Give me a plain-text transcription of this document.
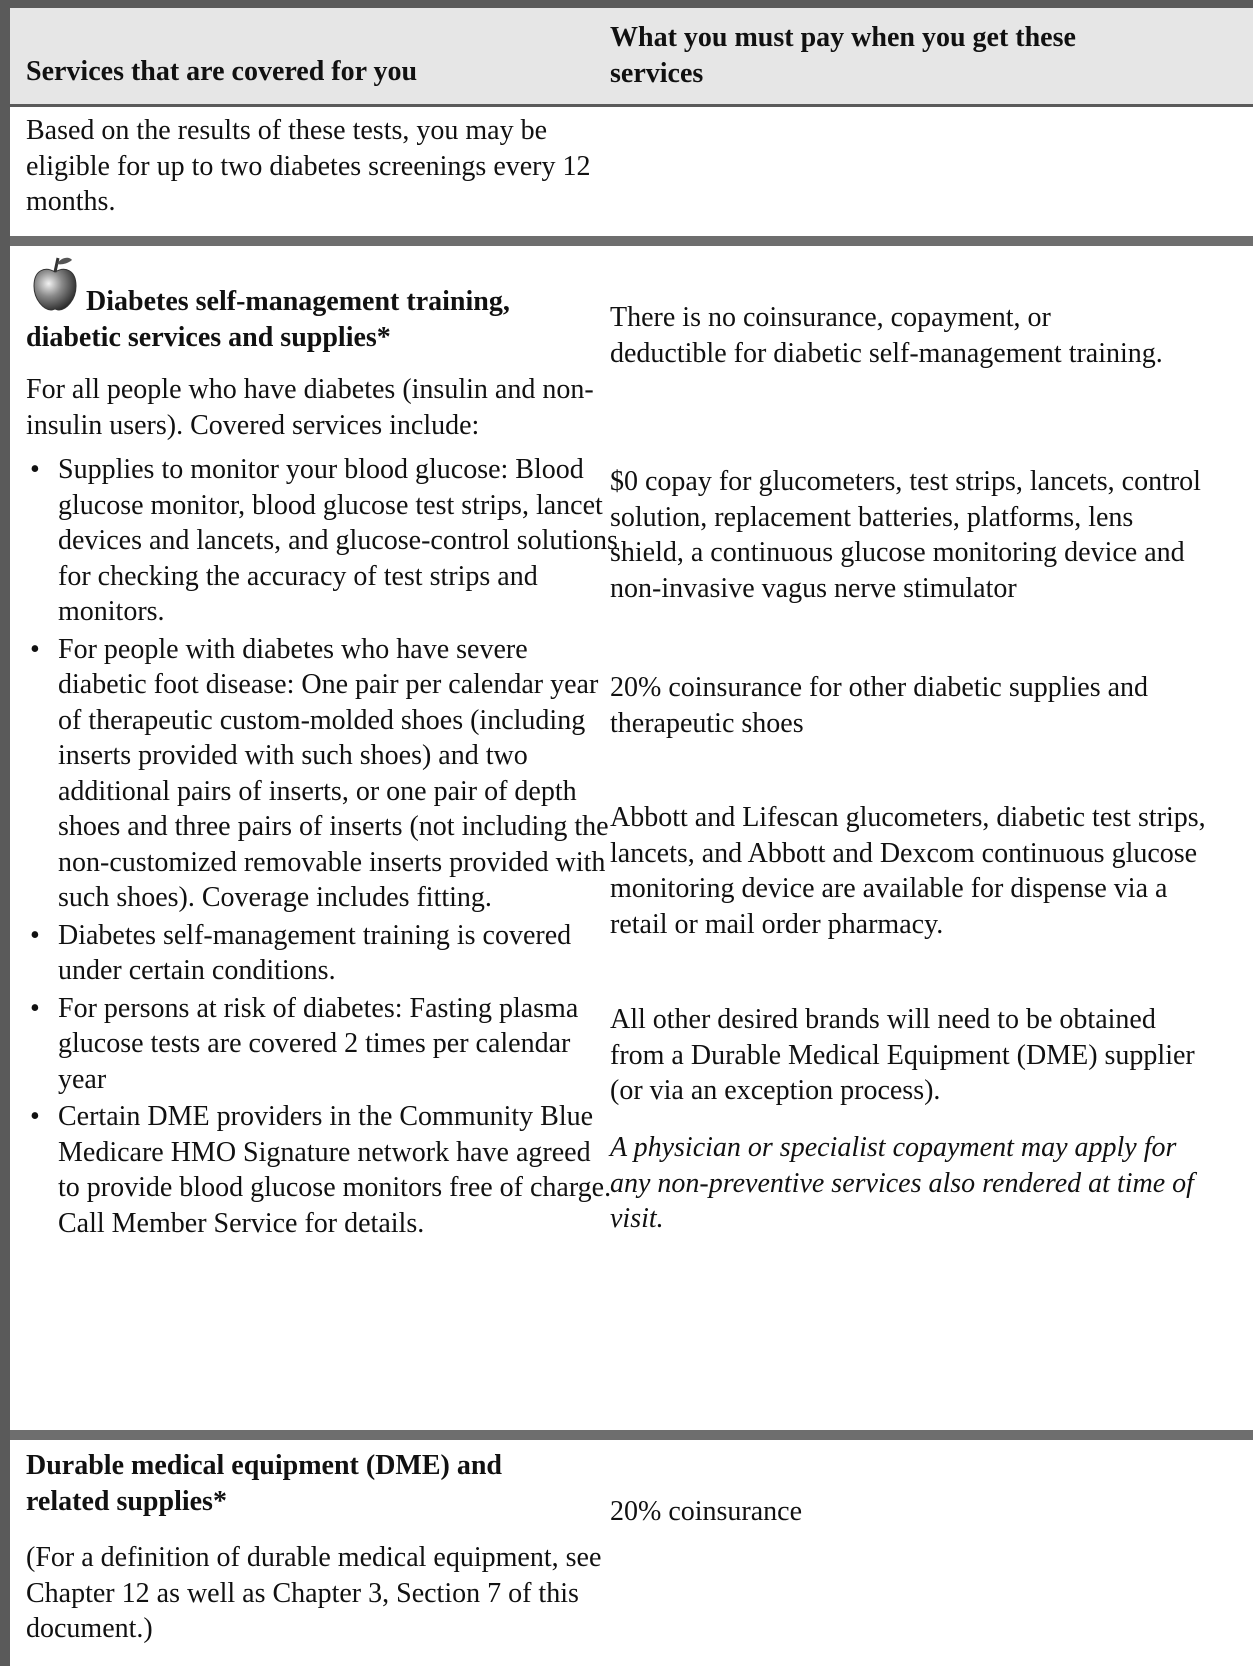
Services that are covered for you
What you must pay when you get these services
Based on the results of these tests, you may be eligible for up to two diabetes screenings every 12 months.
Diabetes self-management training, diabetic services and supplies*
For all people who have diabetes (insulin and non-insulin users). Covered services include:
• Supplies to monitor your blood glucose: Blood glucose monitor, blood glucose test strips, lancet devices and lancets, and glucose-control solutions for checking the accuracy of test strips and monitors.
• For people with diabetes who have severe diabetic foot disease: One pair per calendar year of therapeutic custom-molded shoes (including inserts provided with such shoes) and two additional pairs of inserts, or one pair of depth shoes and three pairs of inserts (not including the non-customized removable inserts provided with such shoes). Coverage includes fitting.
• Diabetes self-management training is covered under certain conditions.
• For persons at risk of diabetes: Fasting plasma glucose tests are covered 2 times per calendar year
• Certain DME providers in the Community Blue Medicare HMO Signature network have agreed to provide blood glucose monitors free of charge. Call Member Service for details.
There is no coinsurance, copayment, or deductible for diabetic self-management training.
$0 copay for glucometers, test strips, lancets, control solution, replacement batteries, platforms, lens shield, a continuous glucose monitoring device and non-invasive vagus nerve stimulator
20% coinsurance for other diabetic supplies and therapeutic shoes
Abbott and Lifescan glucometers, diabetic test strips, lancets, and Abbott and Dexcom continuous glucose monitoring device are available for dispense via a retail or mail order pharmacy.
All other desired brands will need to be obtained from a Durable Medical Equipment (DME) supplier (or via an exception process).
A physician or specialist copayment may apply for any non-preventive services also rendered at time of visit.
Durable medical equipment (DME) and related supplies*
(For a definition of durable medical equipment, see Chapter 12 as well as Chapter 3, Section 7 of this document.)
20% coinsurance
